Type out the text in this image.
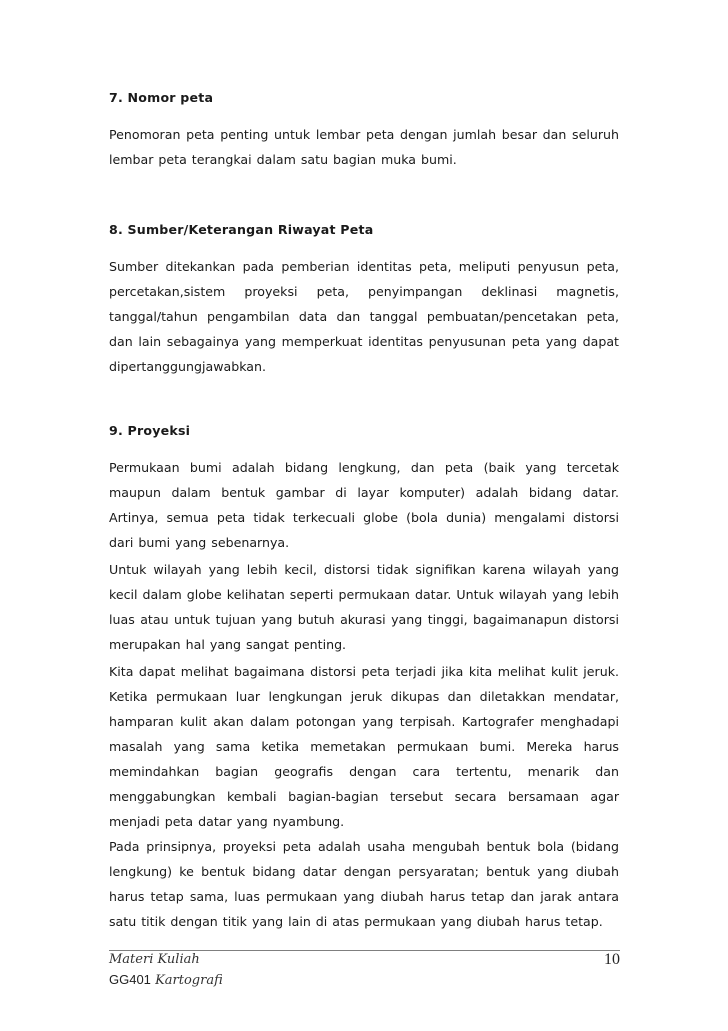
7. Nomor peta
Penomoran peta penting untuk lembar peta dengan jumlah besar dan seluruh lembar peta terangkai dalam satu bagian muka bumi.
8. Sumber/Keterangan Riwayat Peta
Sumber ditekankan pada pemberian identitas peta, meliputi penyusun peta, percetakan,sistem proyeksi peta, penyimpangan deklinasi magnetis, tanggal/tahun pengambilan data dan tanggal pembuatan/pencetakan peta, dan lain sebagainya yang memperkuat identitas penyusunan peta yang dapat dipertanggungjawabkan.
9. Proyeksi
Permukaan bumi adalah bidang lengkung, dan peta (baik yang tercetak maupun dalam bentuk gambar di layar komputer) adalah bidang datar. Artinya, semua peta tidak terkecuali globe (bola dunia) mengalami distorsi dari bumi yang sebenarnya.
Untuk wilayah yang lebih kecil, distorsi tidak signifikan karena wilayah yang kecil dalam globe kelihatan seperti permukaan datar. Untuk wilayah yang lebih luas atau untuk tujuan yang butuh akurasi yang tinggi, bagaimanapun distorsi merupakan hal yang sangat penting.
Kita dapat melihat bagaimana distorsi peta terjadi jika kita melihat kulit jeruk. Ketika permukaan luar lengkungan jeruk dikupas dan diletakkan mendatar, hamparan kulit akan dalam potongan yang terpisah. Kartografer menghadapi masalah yang sama ketika memetakan permukaan bumi. Mereka harus memindahkan bagian geografis dengan cara tertentu, menarik dan menggabungkan kembali bagian-bagian tersebut secara bersamaan agar menjadi peta datar yang nyambung.
Pada prinsipnya, proyeksi peta adalah usaha mengubah bentuk bola (bidang lengkung) ke bentuk bidang datar dengan persyaratan; bentuk yang diubah harus tetap sama, luas permukaan yang diubah harus tetap dan jarak antara satu titik dengan titik yang lain di atas permukaan yang diubah harus tetap.
Materi Kuliah	10
GG401 Kartografi
